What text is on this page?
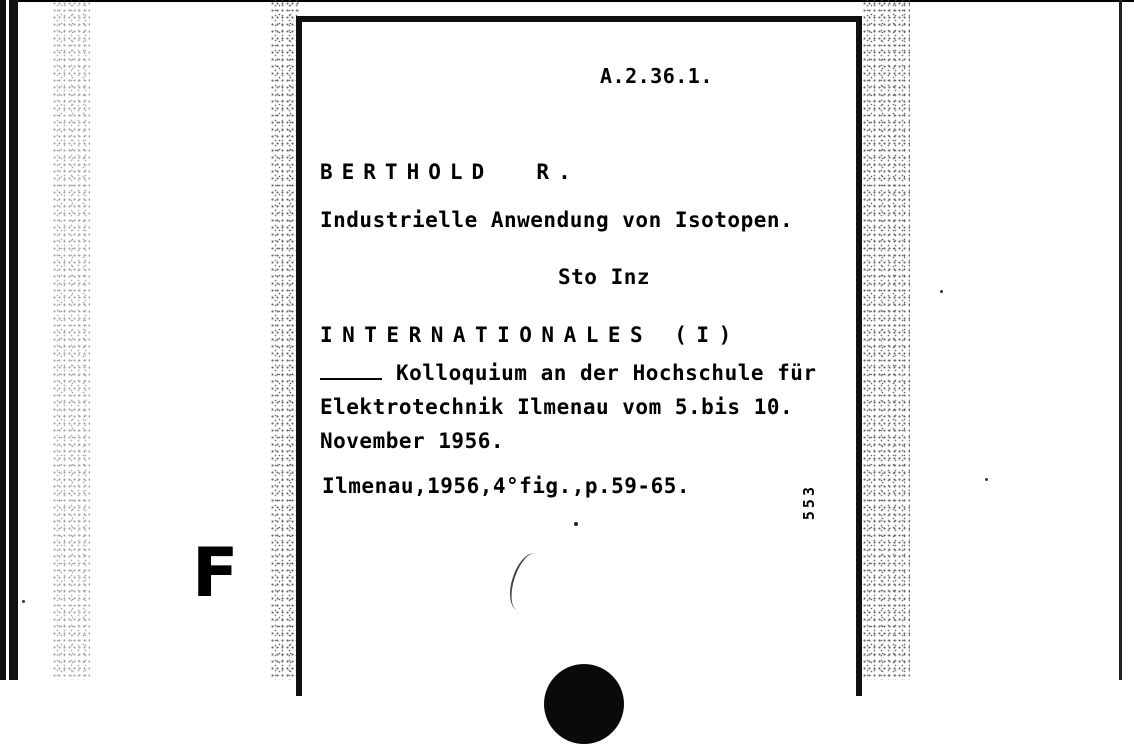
F

A.2.36.1.

BERTHOLD  R.

Industrielle Anwendung von Isotopen.

Sto Inz

INTERNATIONALES (I)

Kolloquium an der Hochschule für

Elektrotechnik Ilmenau vom 5.bis 10.

November 1956.

Ilmenau,1956,4°fig.,p.59-65.	553
